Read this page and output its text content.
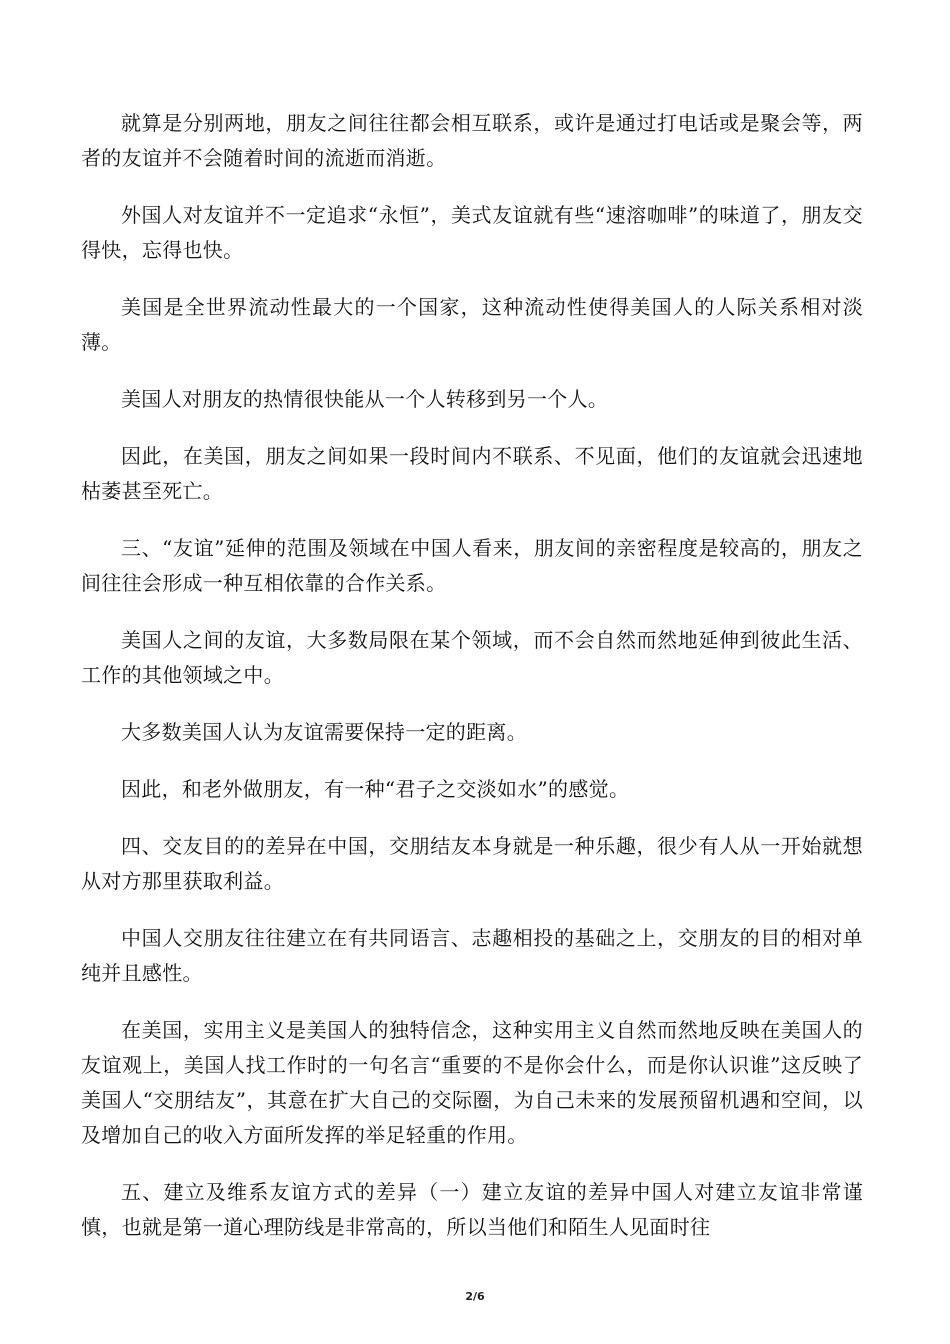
就算是分别两地，朋友之间往往都会相互联系，或许是通过打电话或是聚会等，两者的友谊并不会随着时间的流逝而消逝。

外国人对友谊并不一定追求“永恒”，美式友谊就有些“速溶咖啡”的味道了，朋友交得快，忘得也快。

美国是全世界流动性最大的一个国家，这种流动性使得美国人的人际关系相对淡薄。

美国人对朋友的热情很快能从一个人转移到另一个人。

因此，在美国，朋友之间如果一段时间内不联系、不见面，他们的友谊就会迅速地枯萎甚至死亡。

三、“友谊”延伸的范围及领域在中国人看来，朋友间的亲密程度是较高的，朋友之间往往会形成一种互相依靠的合作关系。

美国人之间的友谊，大多数局限在某个领域，而不会自然而然地延伸到彼此生活、工作的其他领域之中。

大多数美国人认为友谊需要保持一定的距离。

因此，和老外做朋友，有一种“君子之交淡如水”的感觉。

四、交友目的的差异在中国，交朋结友本身就是一种乐趣，很少有人从一开始就想从对方那里获取利益。

中国人交朋友往往建立在有共同语言、志趣相投的基础之上，交朋友的目的相对单纯并且感性。

在美国，实用主义是美国人的独特信念，这种实用主义自然而然地反映在美国人的友谊观上，美国人找工作时的一句名言“重要的不是你会什么，而是你认识谁”这反映了美国人“交朋结友”，其意在扩大自己的交际圈，为自己未来的发展预留机遇和空间，以及增加自己的收入方面所发挥的举足轻重的作用。

五、建立及维系友谊方式的差异（一）建立友谊的差异中国人对建立友谊非常谨慎，也就是第一道心理防线是非常高的，所以当他们和陌生人见面时往

2/6
